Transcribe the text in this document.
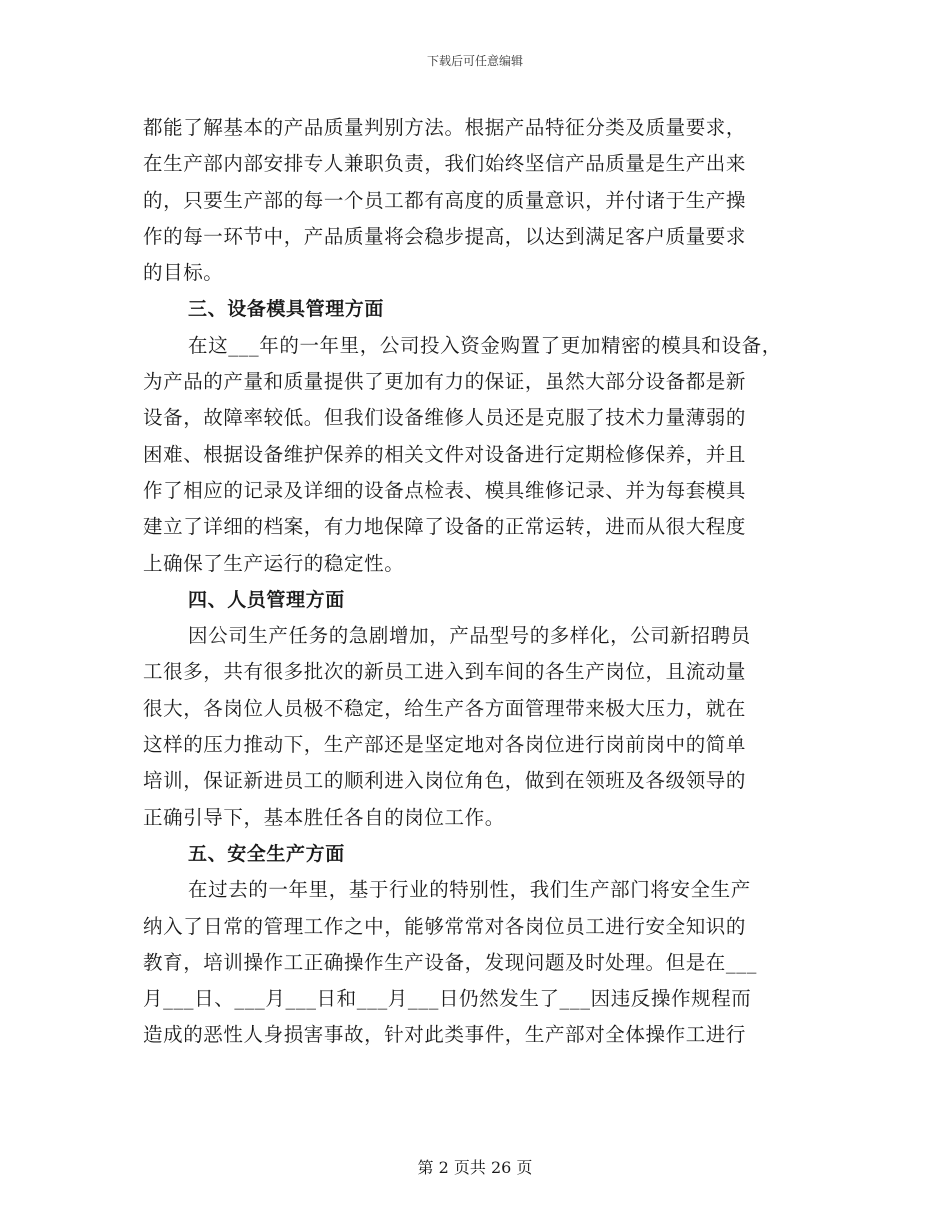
下载后可任意编辑
都能了解基本的产品质量判别方法。根据产品特征分类及质量要求，
在生产部内部安排专人兼职负责，我们始终坚信产品质量是生产出来
的，只要生产部的每一个员工都有高度的质量意识，并付诸于生产操
作的每一环节中，产品质量将会稳步提高，以达到满足客户质量要求
的目标。
三、设备模具管理方面
在这___年的一年里，公司投入资金购置了更加精密的模具和设备，
为产品的产量和质量提供了更加有力的保证，虽然大部分设备都是新
设备，故障率较低。但我们设备维修人员还是克服了技术力量薄弱的
困难、根据设备维护保养的相关文件对设备进行定期检修保养，并且
作了相应的记录及详细的设备点检表、模具维修记录、并为每套模具
建立了详细的档案，有力地保障了设备的正常运转，进而从很大程度
上确保了生产运行的稳定性。
四、人员管理方面
因公司生产任务的急剧增加，产品型号的多样化，公司新招聘员
工很多，共有很多批次的新员工进入到车间的各生产岗位，且流动量
很大，各岗位人员极不稳定，给生产各方面管理带来极大压力，就在
这样的压力推动下，生产部还是坚定地对各岗位进行岗前岗中的简单
培训，保证新进员工的顺利进入岗位角色，做到在领班及各级领导的
正确引导下，基本胜任各自的岗位工作。
五、安全生产方面
在过去的一年里，基于行业的特别性，我们生产部门将安全生产
纳入了日常的管理工作之中，能够常常对各岗位员工进行安全知识的
教育，培训操作工正确操作生产设备，发现问题及时处理。但是在___
月___日、___月___日和___月___日仍然发生了___因违反操作规程而
造成的恶性人身损害事故，针对此类事件，生产部对全体操作工进行
第 2 页共 26 页
